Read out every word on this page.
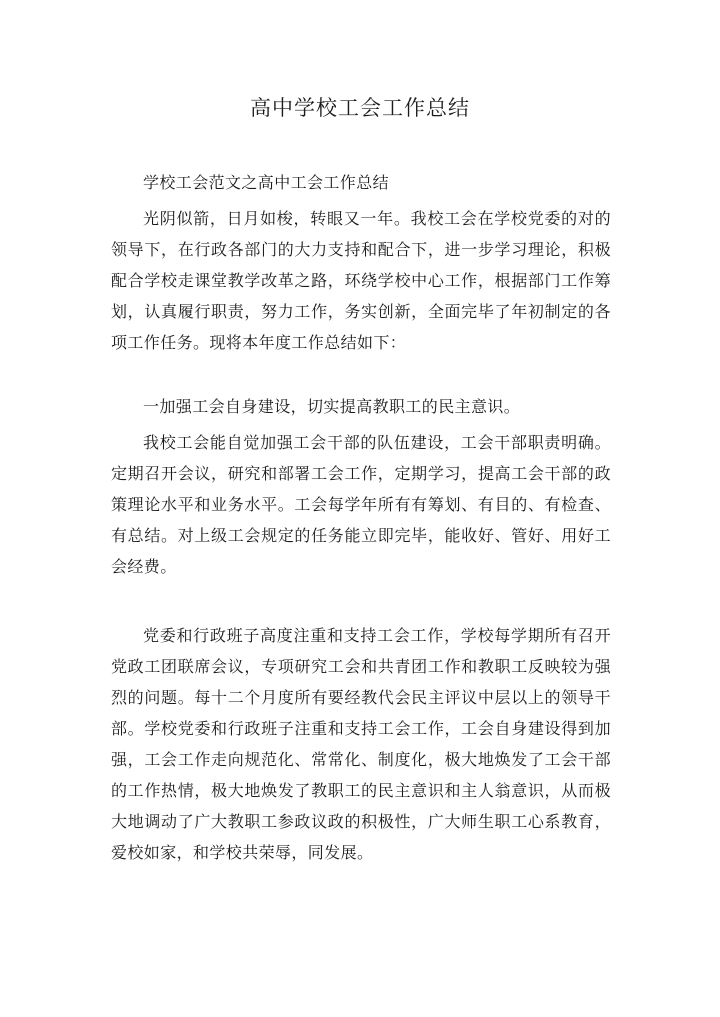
高中学校工会工作总结

学校工会范文之高中工会工作总结

光阴似箭，日月如梭，转眼又一年。我校工会在学校党委的对的领导下，在行政各部门的大力支持和配合下，进一步学习理论，积极配合学校走课堂教学改革之路，环绕学校中心工作，根据部门工作筹划，认真履行职责，努力工作，务实创新，全面完毕了年初制定的各项工作任务。现将本年度工作总结如下：

一加强工会自身建设，切实提高教职工的民主意识。

我校工会能自觉加强工会干部的队伍建设，工会干部职责明确。定期召开会议，研究和部署工会工作，定期学习，提高工会干部的政策理论水平和业务水平。工会每学年所有有筹划、有目的、有检查、有总结。对上级工会规定的任务能立即完毕，能收好、管好、用好工会经费。

党委和行政班子高度注重和支持工会工作，学校每学期所有召开党政工团联席会议，专项研究工会和共青团工作和教职工反映较为强烈的问题。每十二个月度所有要经教代会民主评议中层以上的领导干部。学校党委和行政班子注重和支持工会工作，工会自身建设得到加强，工会工作走向规范化、常常化、制度化，极大地焕发了工会干部的工作热情，极大地焕发了教职工的民主意识和主人翁意识，从而极大地调动了广大教职工参政议政的积极性，广大师生职工心系教育，爱校如家，和学校共荣辱，同发展。
